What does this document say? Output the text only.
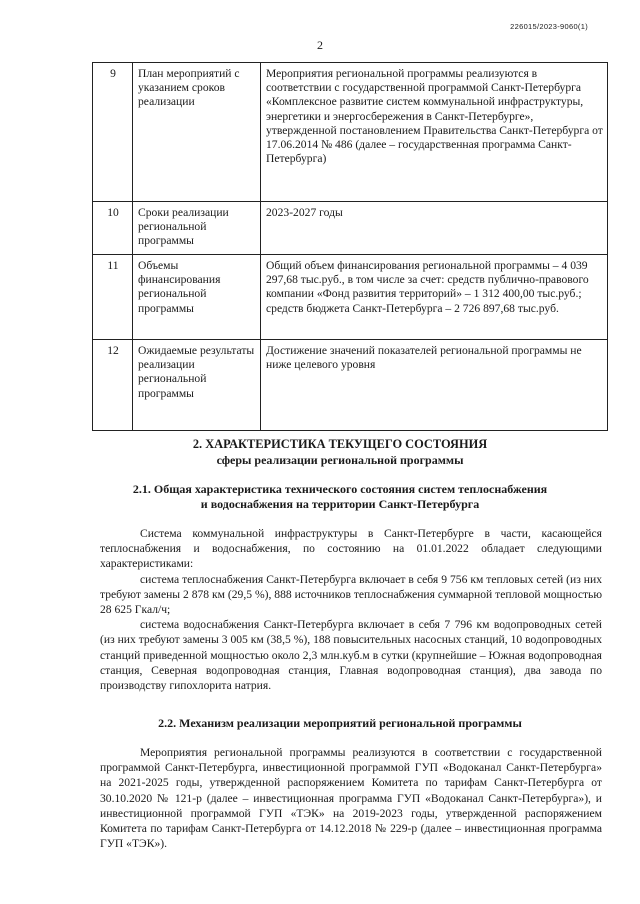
226015/2023-9060(1)
2
9	План мероприятий с указанием сроков реализации	Мероприятия региональной программы реализуются в соответствии с государственной программой Санкт-Петербурга «Комплексное развитие систем коммунальной инфраструктуры, энергетики и энергосбережения в Санкт-Петербурге», утвержденной постановлением Правительства Санкт-Петербурга от 17.06.2014 № 486 (далее – государственная программа Санкт-Петербурга)
10	Сроки реализации региональной программы	2023-2027 годы
11	Объемы финансирования региональной программы	Общий объем финансирования региональной программы – 4 039 297,68 тыс.руб., в том числе за счет: средств публично-правового компании «Фонд развития территорий» – 1 312 400,00 тыс.руб.; средств бюджета Санкт-Петербурга – 2 726 897,68 тыс.руб.
12	Ожидаемые результаты реализации региональной программы	Достижение значений показателей региональной программы не ниже целевого уровня
2. ХАРАКТЕРИСТИКА ТЕКУЩЕГО СОСТОЯНИЯ
сферы реализации региональной программы
2.1. Общая характеристика технического состояния систем теплоснабжения
и водоснабжения на территории Санкт-Петербурга

Система коммунальной инфраструктуры в Санкт-Петербурге в части, касающейся теплоснабжения и водоснабжения, по состоянию на 01.01.2022 обладает следующими характеристиками:

система теплоснабжения Санкт-Петербурга включает в себя 9 756 км тепловых сетей (из них требуют замены 2 878 км (29,5 %), 888 источников теплоснабжения суммарной тепловой мощностью 28 625 Гкал/ч;

система водоснабжения Санкт-Петербурга включает в себя 7 796 км водопроводных сетей (из них требуют замены 3 005 км (38,5 %), 188 повысительных насосных станций, 10 водопроводных станций приведенной мощностью около 2,3 млн.куб.м в сутки (крупнейшие – Южная водопроводная станция, Северная водопроводная станция, Главная водопроводная станция), два завода по производству гипохлорита натрия.

2.2. Механизм реализации мероприятий региональной программы

Мероприятия региональной программы реализуются в соответствии с государственной программой Санкт-Петербурга, инвестиционной программой ГУП «Водоканал Санкт-Петербурга» на 2021-2025 годы, утвержденной распоряжением Комитета по тарифам Санкт-Петербурга от 30.10.2020 № 121-р (далее – инвестиционная программа ГУП «Водоканал Санкт-Петербурга»), и инвестиционной программой ГУП «ТЭК» на 2019-2023 годы, утвержденной распоряжением Комитета по тарифам Санкт-Петербурга от 14.12.2018 № 229-р (далее – инвестиционная программа ГУП «ТЭК»).
